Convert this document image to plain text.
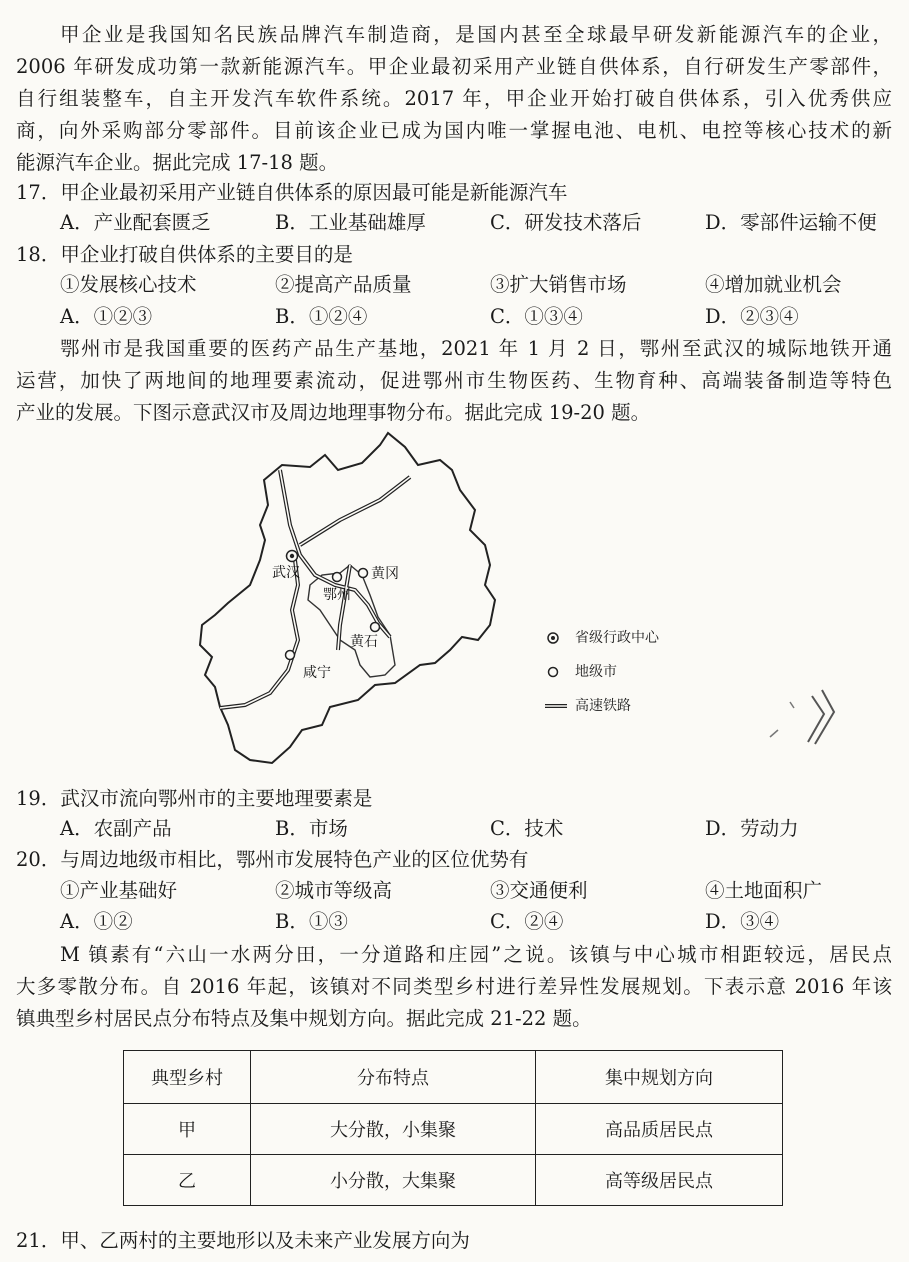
甲企业是我国知名民族品牌汽车制造商，是国内甚至全球最早研发新能源汽车的企业，
2006 年研发成功第一款新能源汽车。甲企业最初采用产业链自供体系，自行研发生产零部件，
自行组装整车，自主开发汽车软件系统。2017 年，甲企业开始打破自供体系，引入优秀供应
商，向外采购部分零部件。目前该企业已成为国内唯一掌握电池、电机、电控等核心技术的新
能源汽车企业。据此完成 17-18 题。
17．甲企业最初采用产业链自供体系的原因最可能是新能源汽车
A．产业配套匮乏	B．工业基础雄厚	C．研发技术落后	D．零部件运输不便
18．甲企业打破自供体系的主要目的是
①发展核心技术	②提高产品质量	③扩大销售市场	④增加就业机会
A．①②③	B．①②④	C．①③④	D．②③④
鄂州市是我国重要的医药产品生产基地，2021 年 1 月 2 日，鄂州至武汉的城际地铁开通
运营，加快了两地间的地理要素流动，促进鄂州市生物医药、生物育种、高端装备制造等特色
产业的发展。下图示意武汉市及周边地理事物分布。据此完成 19-20 题。
武汉	黄冈
鄂州
黄石
咸宁
省级行政中心
地级市
高速铁路
19．武汉市流向鄂州市的主要地理要素是
A．农副产品	B．市场	C．技术	D．劳动力
20．与周边地级市相比，鄂州市发展特色产业的区位优势有
①产业基础好	②城市等级高	③交通便利	④土地面积广
A．①②	B．①③	C．②④	D．③④
M 镇素有“六山一水两分田，一分道路和庄园”之说。该镇与中心城市相距较远，居民点
大多零散分布。自 2016 年起，该镇对不同类型乡村进行差异性发展规划。下表示意 2016 年该
镇典型乡村居民点分布特点及集中规划方向。据此完成 21-22 题。
典型乡村	分布特点	集中规划方向
甲	大分散，小集聚	高品质居民点
乙	小分散，大集聚	高等级居民点
21．甲、乙两村的主要地形以及未来产业发展方向为
